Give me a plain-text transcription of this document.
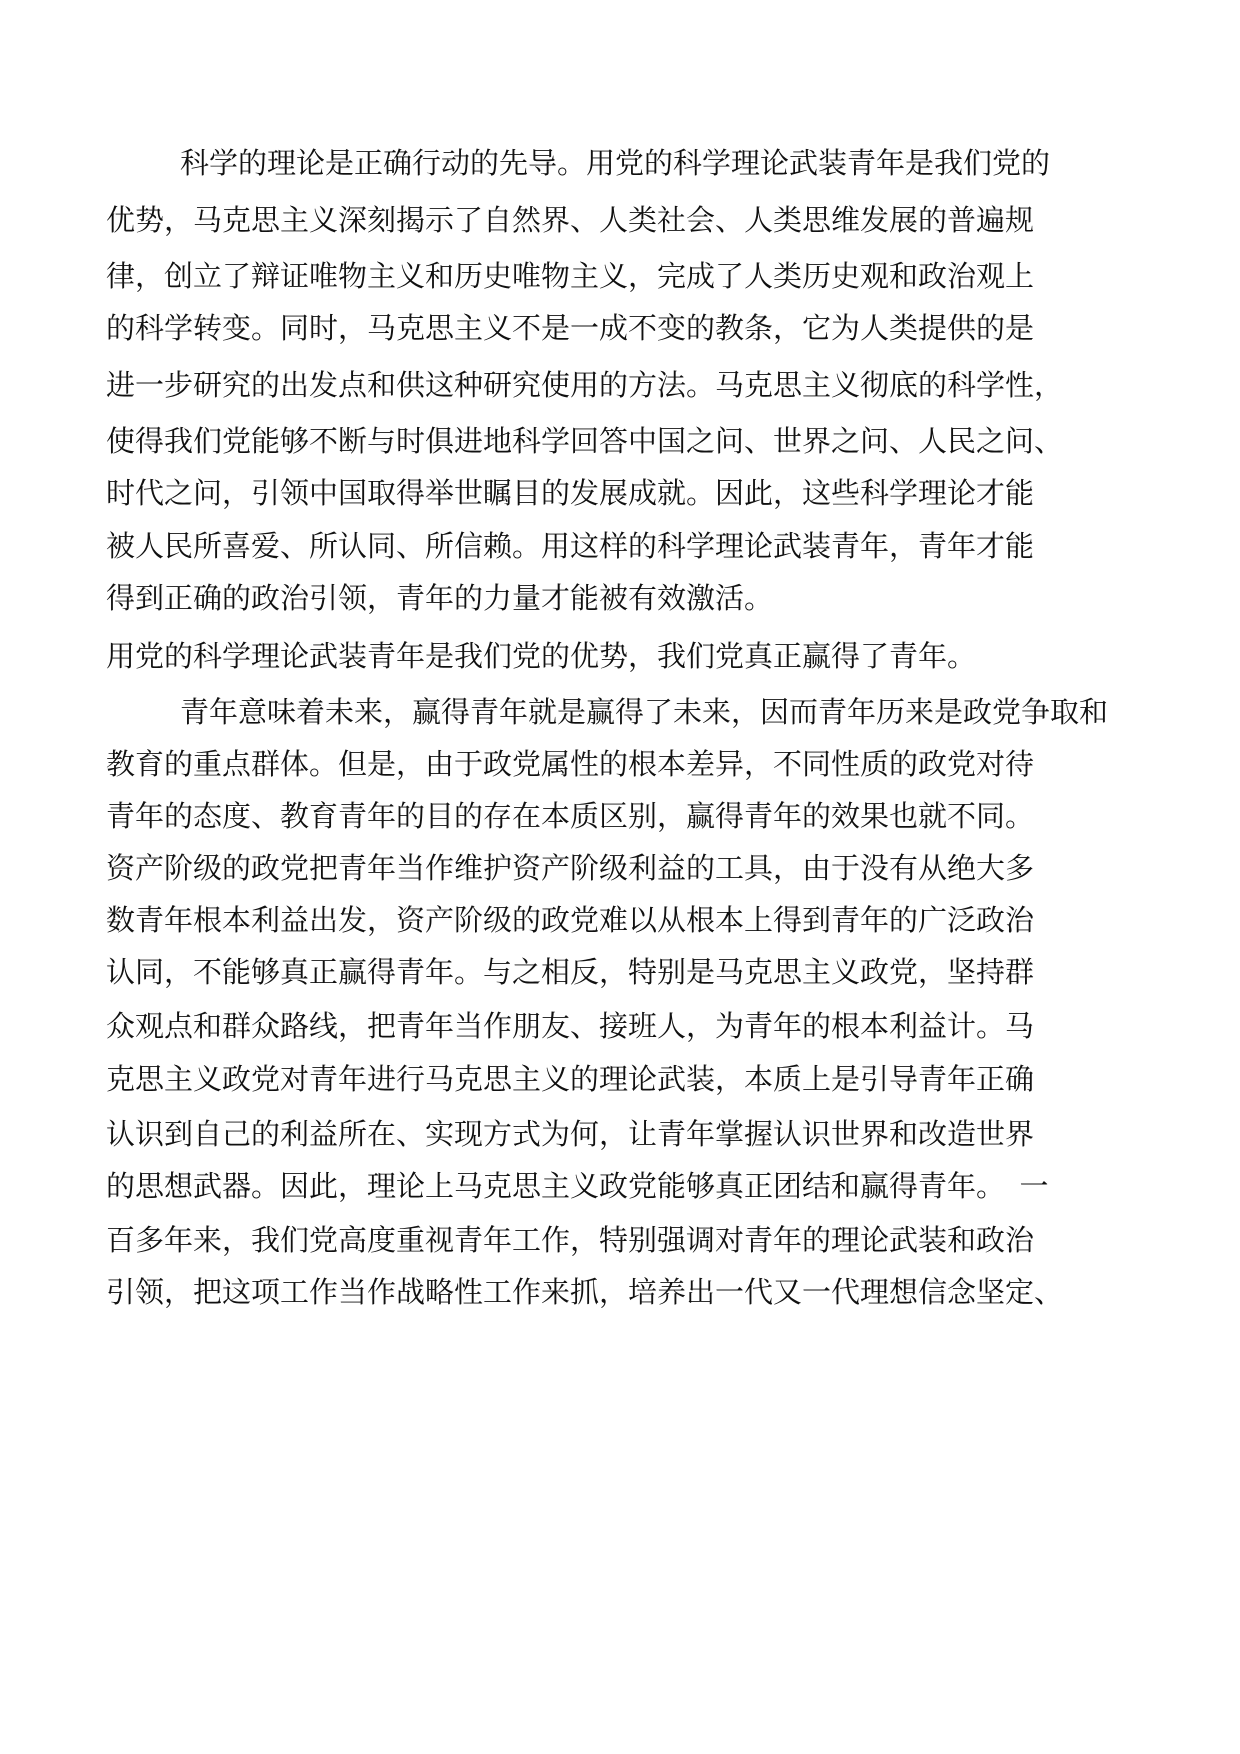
科学的理论是正确行动的先导。用党的科学理论武装青年是我们党的
优势，马克思主义深刻揭示了自然界、人类社会、人类思维发展的普遍规
律，创立了辩证唯物主义和历史唯物主义，完成了人类历史观和政治观上
的科学转变。同时，马克思主义不是一成不变的教条，它为人类提供的是
进一步研究的出发点和供这种研究使用的方法。马克思主义彻底的科学性，
使得我们党能够不断与时俱进地科学回答中国之问、世界之问、人民之问、
时代之问，引领中国取得举世瞩目的发展成就。因此，这些科学理论才能
被人民所喜爱、所认同、所信赖。用这样的科学理论武装青年，青年才能
得到正确的政治引领，青年的力量才能被有效激活。
用党的科学理论武装青年是我们党的优势，我们党真正赢得了青年。
青年意味着未来，赢得青年就是赢得了未来，因而青年历来是政党争取和
教育的重点群体。但是，由于政党属性的根本差异，不同性质的政党对待
青年的态度、教育青年的目的存在本质区别，赢得青年的效果也就不同。
资产阶级的政党把青年当作维护资产阶级利益的工具，由于没有从绝大多
数青年根本利益出发，资产阶级的政党难以从根本上得到青年的广泛政治
认同，不能够真正赢得青年。与之相反，特别是马克思主义政党，坚持群
众观点和群众路线，把青年当作朋友、接班人，为青年的根本利益计。马
克思主义政党对青年进行马克思主义的理论武装，本质上是引导青年正确
认识到自己的利益所在、实现方式为何，让青年掌握认识世界和改造世界
的思想武器。因此，理论上马克思主义政党能够真正团结和赢得青年。　一
百多年来，我们党高度重视青年工作，特别强调对青年的理论武装和政治
引领，把这项工作当作战略性工作来抓，培养出一代又一代理想信念坚定、
